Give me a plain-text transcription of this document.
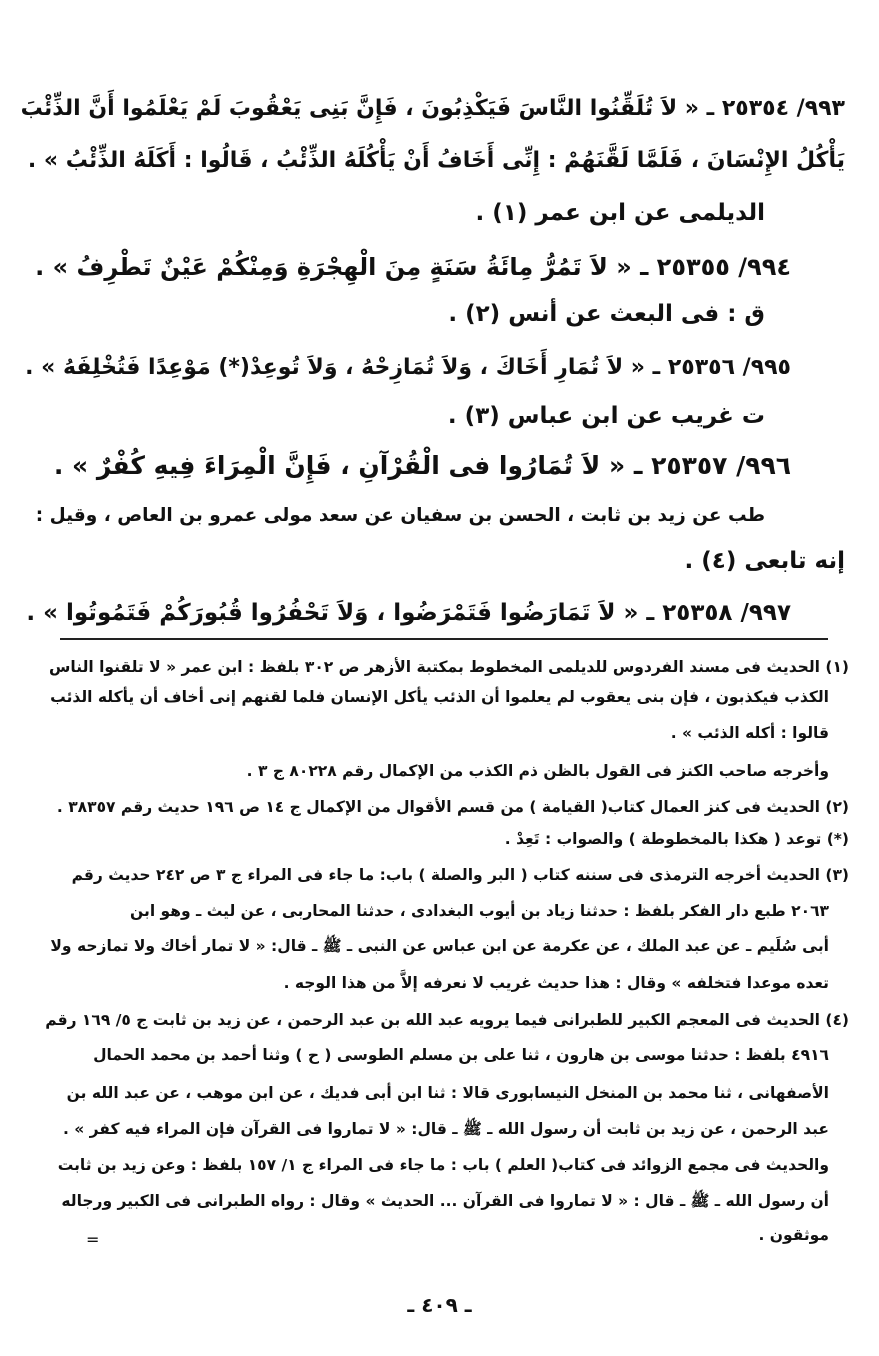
٩٩٣/ ٢٥٣٥٤ ـ « لاَ تُلَقِّنُوا النَّاسَ فَيَكْذِبُونَ ، فَإِنَّ بَنِى يَعْقُوبَ لَمْ يَعْلَمُوا أَنَّ الذِّئْبَ
يَأْكُلُ الإِنْسَانَ ، فَلَمَّا لَقَّنَهُمْ : إِنِّى أَخَافُ أَنْ يَأْكُلَهُ الذِّئْبُ ، قَالُوا : أَكَلَهُ الذِّئْبُ » .
الديلمى عن ابن عمر (١) .
٩٩٤/ ٢٥٣٥٥ ـ « لاَ تَمُرُّ مِائَةُ سَنَةٍ مِنَ الْهِجْرَةِ وَمِنْكُمْ عَيْنٌ تَطْرِفُ » .
ق : فى البعث عن أنس (٢) .
٩٩٥/ ٢٥٣٥٦ ـ « لاَ تُمَارِ أَخَاكَ ، وَلاَ تُمَازِحْهُ ، وَلاَ تُوعِدْ(*) مَوْعِدًا فَتُخْلِفَهُ » .
ت غريب عن ابن عباس (٣) .
٩٩٦/ ٢٥٣٥٧ ـ « لاَ تُمَارُوا فى الْقُرْآنِ ، فَإِنَّ الْمِرَاءَ فِيهِ كُفْرٌ » .
طب عن زيد بن ثابت ، الحسن بن سفيان عن سعد مولى عمرو بن العاص ، وقيل :
إنه تابعى (٤) .
٩٩٧/ ٢٥٣٥٨ ـ « لاَ تَمَارَضُوا فَتَمْرَضُوا ، وَلاَ تَحْفُرُوا قُبُورَكُمْ فَتَمُوتُوا » .
(١) الحديث فى مسند الفردوس للديلمى المخطوط بمكتبة الأزهر ص ٣٠٢ بلفظ : ابن عمر « لا تلقنوا الناس
الكذب فيكذبون ، فإن بنى يعقوب لم يعلموا أن الذئب يأكل الإنسان فلما لقنهم إنى أخاف أن يأكله الذئب
قالوا : أكله الذئب » .
وأخرجه صاحب الكنز فى القول بالظن ذم الكذب من الإكمال رقم ٨٠٢٢٨ ج ٣ .
(٢) الحديث فى كنز العمال كتاب( القيامة ) من قسم الأقوال من الإكمال ج ١٤ ص ١٩٦ حديث رقم ٣٨٣٥٧ .
(*) توعد ( هكذا بالمخطوطة ) والصواب : تَعِدْ .
(٣) الحديث أخرجه الترمذى فى سننه كتاب ( البر والصلة ) باب: ما جاء فى المراء ج ٣ ص ٢٤٢ حديث رقم
٢٠٦٣ طبع دار الفكر بلفظ : حدثنا زياد بن أيوب البغدادى ، حدثنا المحاربى ، عن ليث ـ وهو ابن
أبى سُلَيم ـ عن عبد الملك ، عن عكرمة عن ابن عباس عن النبى ـ ﷺ ـ قال: « لا تمار أخاك ولا تمازحه ولا
تعده موعدا فتخلفه » وقال : هذا حديث غريب لا نعرفه إلاَّ من هذا الوجه .
(٤) الحديث فى المعجم الكبير للطبرانى فيما يرويه عبد الله بن عبد الرحمن ، عن زيد بن ثابت ج ٥/ ١٦٩ رقم
٤٩١٦ بلفظ : حدثنا موسى بن هارون ، ثنا على بن مسلم الطوسى ( ح ) وثنا أحمد بن محمد الحمال
الأصفهانى ، ثنا محمد بن المنخل النيسابورى قالا : ثنا ابن أبى فديك ، عن ابن موهب ، عن عبد الله بن
عبد الرحمن ، عن زيد بن ثابت أن رسول الله ـ ﷺ ـ قال: « لا تماروا فى القرآن فإن المراء فيه كفر » .
والحديث فى مجمع الزوائد فى كتاب( العلم ) باب : ما جاء فى المراء ج ١/ ١٥٧ بلفظ : وعن زيد بن ثابت
أن رسول الله ـ ﷺ ـ قال : « لا تماروا فى القرآن ... الحديث » وقال : رواه الطبرانى فى الكبير ورجاله
موثقون .
=
ـ ٤٠٩ ـ
